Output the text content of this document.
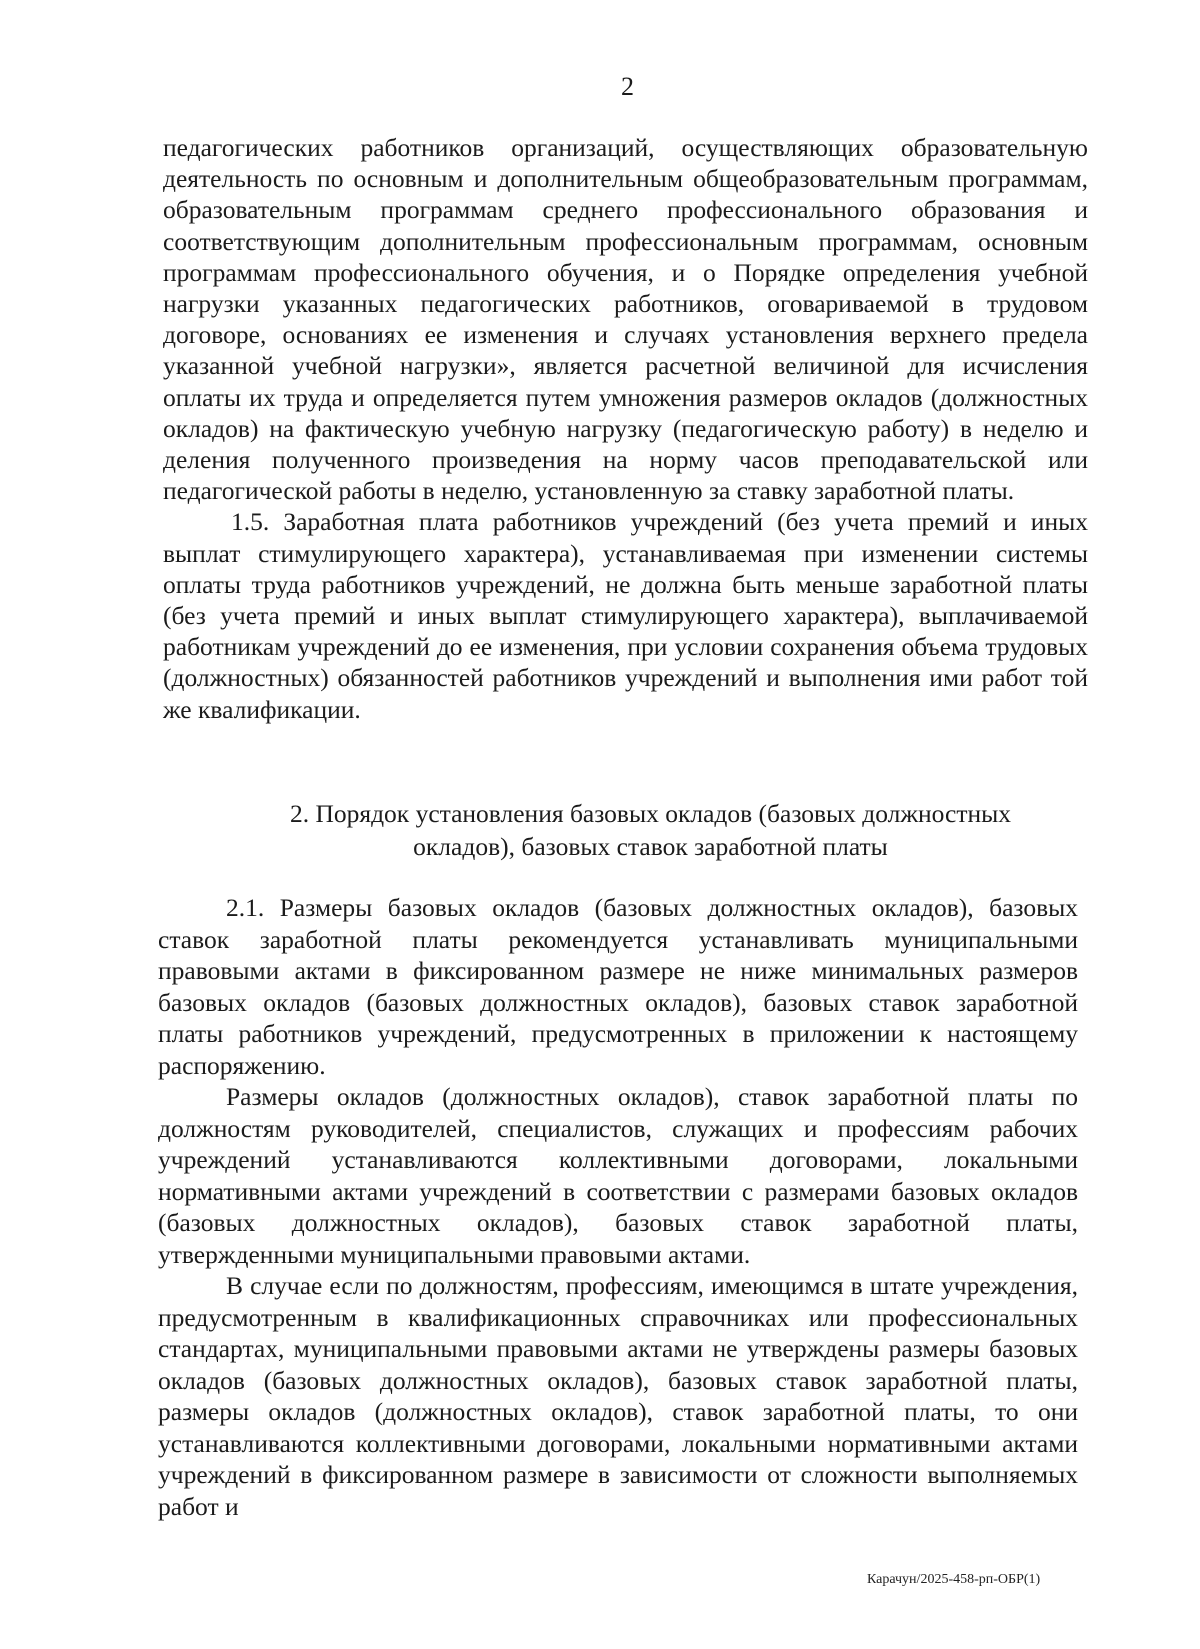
2

педагогических работников организаций, осуществляющих образовательную деятельность по основным и дополнительным общеобразовательным программам, образовательным программам среднего профессионального образования и соответствующим дополнительным профессиональным программам, основным программам профессионального обучения, и о Порядке определения учебной нагрузки указанных педагогических работников, оговариваемой в трудовом договоре, основаниях ее изменения и случаях установления верхнего предела указанной учебной нагрузки», является расчетной величиной для исчисления оплаты их труда и определяется путем умножения размеров окладов (должностных окладов) на фактическую учебную нагрузку (педагогическую работу) в неделю и деления полученного произведения на норму часов преподавательской или педагогической работы в неделю, установленную за ставку заработной платы.

1.5. Заработная плата работников учреждений (без учета премий и иных выплат стимулирующего характера), устанавливаемая при изменении системы оплаты труда работников учреждений, не должна быть меньше заработной платы (без учета премий и иных выплат стимулирующего характера), выплачиваемой работникам учреждений до ее изменения, при условии сохранения объема трудовых (должностных) обязанностей работников учреждений и выполнения ими работ той же квалификации.

2. Порядок установления базовых окладов (базовых должностных

окладов), базовых ставок заработной платы

2.1. Размеры базовых окладов (базовых должностных окладов), базовых ставок заработной платы рекомендуется устанавливать муниципальными правовыми актами в фиксированном размере не ниже минимальных размеров базовых окладов (базовых должностных окладов), базовых ставок заработной платы работников учреждений, предусмотренных в приложении к настоящему распоряжению.

Размеры окладов (должностных окладов), ставок заработной платы по должностям руководителей, специалистов, служащих и профессиям рабочих учреждений устанавливаются коллективными договорами, локальными нормативными актами учреждений в соответствии с размерами базовых окладов (базовых должностных окладов), базовых ставок заработной платы, утвержденными муниципальными правовыми актами.

В случае если по должностям, профессиям, имеющимся в штате учреждения, предусмотренным в квалификационных справочниках или профессиональных стандартах, муниципальными правовыми актами не утверждены размеры базовых окладов (базовых должностных окладов), базовых ставок заработной платы, размеры окладов (должностных окладов), ставок заработной платы, то они устанавливаются коллективными договорами, локальными нормативными актами учреждений в фиксированном размере в зависимости от сложности выполняемых работ и

Карачун/2025-458-рп-ОБР(1)
